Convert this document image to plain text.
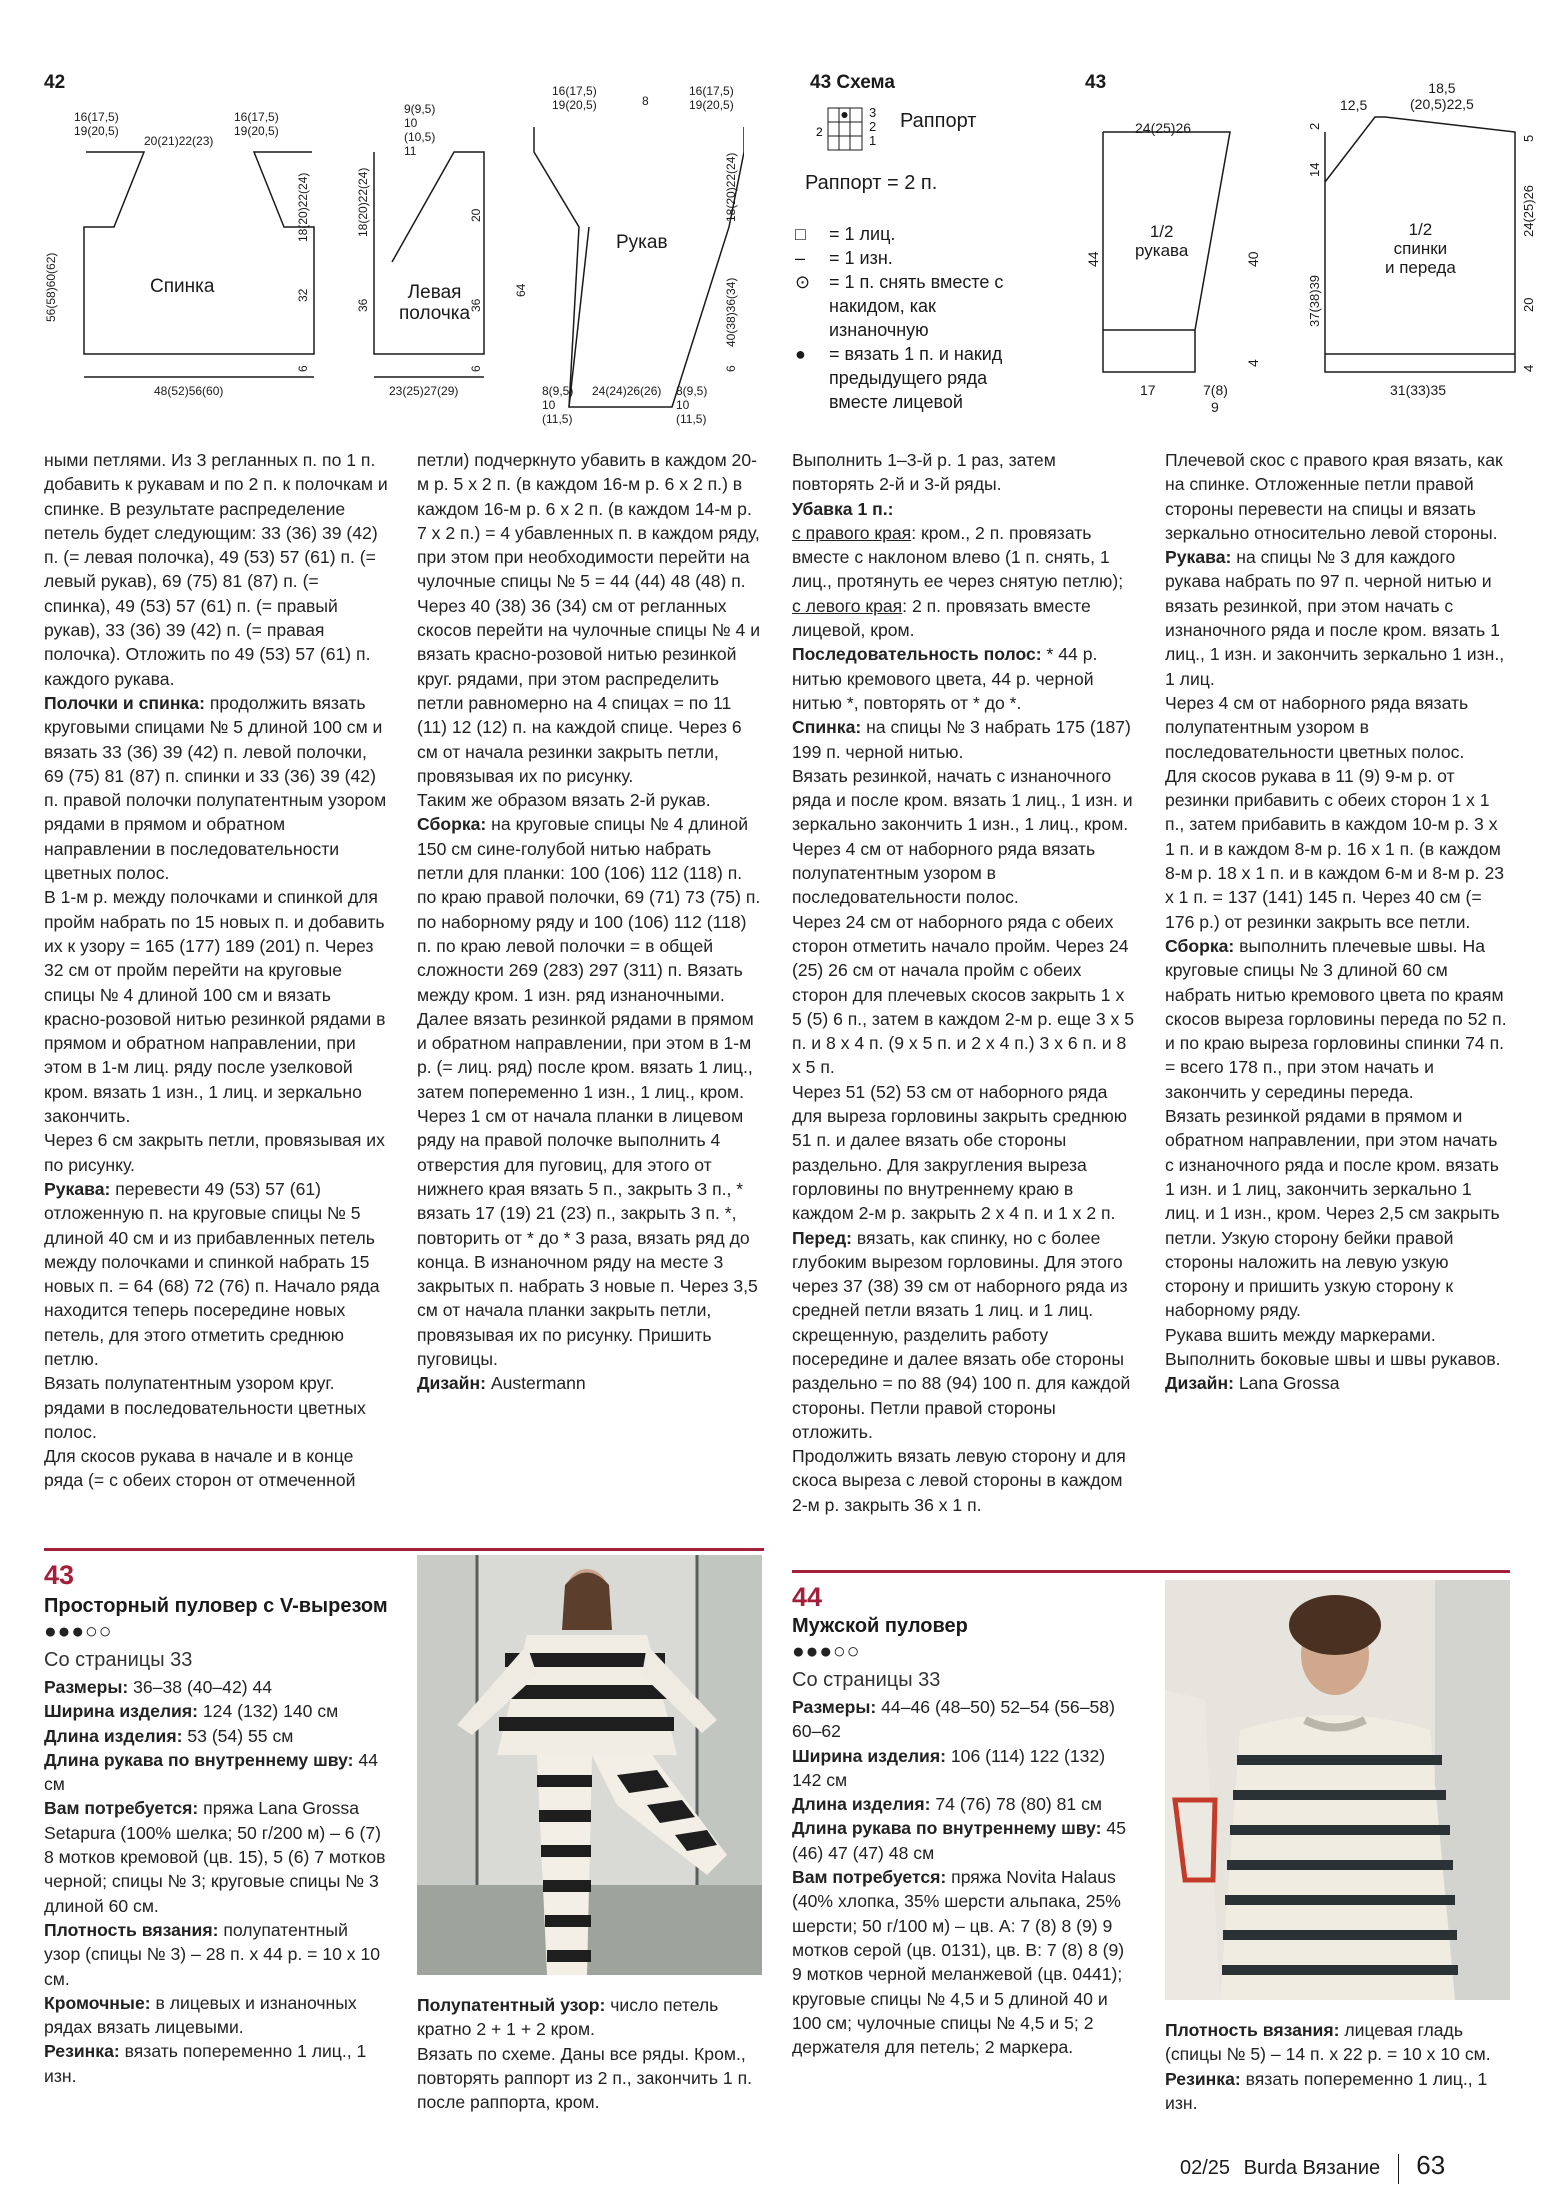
42
Спинка
16(17,5)
19(20,5)
20(21)22(23)
16(17,5)
19(20,5)
56(58)60(62)
18(20)22(24)
32
6
48(52)56(60)
Левая
полочка
9(9,5)
10
(10,5)
11
18(20)22(24)
36
20
36
6
23(25)27(29)
Рукав
16(17,5)
19(20,5)	8
16(17,5)
19(20,5)
64
18(20)22(24)
40(38)36(34)
6
8(9,5)
10
(11,5)
24(24)26(26) 8(9,5)
10
(11,5)
43 Схема
2
3
2
1
Раппорт
Раппорт = 2 п.
□	= 1 лиц.
–	= 1 изн.
⊙	= 1 п. снять вместе с накидом, как изнаночную
●	= вязать 1 п. и накид предыдущего ряда вместе лицевой
43
24(25)26
1/2
рукава
44	40
4
17	7(8)
9
18,5
(20,5)22,5
12,5
1/2
спинки
и переда
2
14
37(38)39
5
24(25)26
20
4
31(33)35

ными петлями. Из 3 регланных п. по 1 п. добавить к рукавам и по 2 п. к полочкам и спинке. В результате распределение петель будет следующим: 33 (36) 39 (42) п. (= левая полочка), 49 (53) 57 (61) п. (= левый рукав), 69 (75) 81 (87) п. (= спинка), 49 (53) 57 (61) п. (= правый рукав), 33 (36) 39 (42) п. (= правая полочка). Отложить по 49 (53) 57 (61) п. каждого рукава.

Полочки и спинка: продолжить вязать круговыми спицами № 5 длиной 100 см и вязать 33 (36) 39 (42) п. левой полочки, 69 (75) 81 (87) п. спинки и 33 (36) 39 (42) п. правой полочки полупатентным узором рядами в прямом и обратном направлении в последовательности цветных полос.

В 1-м р. между полочками и спинкой для пройм набрать по 15 новых п. и добавить их к узору = 165 (177) 189 (201) п. Через 32 см от пройм перейти на круговые спицы № 4 длиной 100 см и вязать красно-розовой нитью резинкой рядами в прямом и обратном направлении, при этом в 1-м лиц. ряду после узелковой кром. вязать 1 изн., 1 лиц. и зеркально закончить.

Через 6 см закрыть петли, провязывая их по рисунку.

Рукава: перевести 49 (53) 57 (61) отложенную п. на круговые спицы № 5 длиной 40 см и из прибавленных петель между полочками и спинкой набрать 15 новых п. = 64 (68) 72 (76) п. Начало ряда находится теперь посередине новых петель, для этого отметить среднюю петлю.

Вязать полупатентным узором круг. рядами в последовательности цветных полос.

Для скосов рукава в начале и в конце ряда (= с обеих сторон от отмеченной

петли) подчеркнуто убавить в каждом 20-м р. 5 х 2 п. (в каждом 16-м р. 6 х 2 п.) в каждом 16-м р. 6 х 2 п. (в каждом 14-м р. 7 х 2 п.) = 4 убавленных п. в каждом ряду, при этом при необходимости перейти на чулочные спицы № 5 = 44 (44) 48 (48) п.

Через 40 (38) 36 (34) см от регланных скосов перейти на чулочные спицы № 4 и вязать красно-розовой нитью резинкой круг. рядами, при этом распределить петли равномерно на 4 спицах = по 11 (11) 12 (12) п. на каждой спице. Через 6 см от начала резинки закрыть петли, провязывая их по рисунку.

Таким же образом вязать 2-й рукав.

Сборка: на круговые спицы № 4 длиной 150 см сине-голубой нитью набрать петли для планки: 100 (106) 112 (118) п. по краю правой полочки, 69 (71) 73 (75) п. по наборному ряду и 100 (106) 112 (118) п. по краю левой полочки = в общей сложности 269 (283) 297 (311) п. Вязать между кром. 1 изн. ряд изнаночными.

Далее вязать резинкой рядами в прямом и обратном направлении, при этом в 1-м р. (= лиц. ряд) после кром. вязать 1 лиц., затем попеременно 1 изн., 1 лиц., кром. Через 1 см от начала планки в лицевом ряду на правой полочке выполнить 4 отверстия для пуговиц, для этого от нижнего края вязать 5 п., закрыть 3 п., * вязать 17 (19) 21 (23) п., закрыть 3 п. *, повторить от * до * 3 раза, вязать ряд до конца. В изнаночном ряду на месте 3 закрытых п. набрать 3 новые п. Через 3,5 см от начала планки закрыть петли, провязывая их по рисунку. Пришить пуговицы.

Дизайн: Austermann

Выполнить 1–3-й р. 1 раз, затем повторять 2-й и 3-й ряды.

Убавка 1 п.:

с правого края: кром., 2 п. провязать вместе с наклоном влево (1 п. снять, 1 лиц., протянуть ее через снятую петлю);

с левого края: 2 п. провязать вместе лицевой, кром.

Последовательность полос: * 44 р. нитью кремового цвета, 44 р. черной нитью *, повторять от * до *.

Спинка: на спицы № 3 набрать 175 (187) 199 п. черной нитью.

Вязать резинкой, начать с изнаночного ряда и после кром. вязать 1 лиц., 1 изн. и зеркально закончить 1 изн., 1 лиц., кром. Через 4 см от наборного ряда вязать полупатентным узором в последовательности полос.

Через 24 см от наборного ряда с обеих сторон отметить начало пройм. Через 24 (25) 26 см от начала пройм с обеих сторон для плечевых скосов закрыть 1 х 5 (5) 6 п., затем в каждом 2-м р. еще 3 х 5 п. и 8 х 4 п. (9 х 5 п. и 2 х 4 п.) 3 х 6 п. и 8 х 5 п.

Через 51 (52) 53 см от наборного ряда для выреза горловины закрыть среднюю 51 п. и далее вязать обе стороны раздельно. Для закругления выреза горловины по внутреннему краю в каждом 2-м р. закрыть 2 х 4 п. и 1 х 2 п.

Перед: вязать, как спинку, но с более глубоким вырезом горловины. Для этого через 37 (38) 39 см от наборного ряда из средней петли вязать 1 лиц. и 1 лиц. скрещенную, разделить работу посередине и далее вязать обе стороны раздельно = по 88 (94) 100 п. для каждой стороны. Петли правой стороны отложить.

Продолжить вязать левую сторону и для скоса выреза с левой стороны в каждом 2-м р. закрыть 36 х 1 п.

Плечевой скос с правого края вязать, как на спинке. Отложенные петли правой стороны перевести на спицы и вязать зеркально относительно левой стороны.

Рукава: на спицы № 3 для каждого рукава набрать по 97 п. черной нитью и вязать резинкой, при этом начать с изнаночного ряда и после кром. вязать 1 лиц., 1 изн. и закончить зеркально 1 изн., 1 лиц.

Через 4 см от наборного ряда вязать полупатентным узором в последовательности цветных полос.

Для скосов рукава в 11 (9) 9-м р. от резинки прибавить с обеих сторон 1 х 1 п., затем прибавить в каждом 10-м р. 3 х 1 п. и в каждом 8-м р. 16 х 1 п. (в каждом 8-м р. 18 х 1 п. и в каждом 6-м и 8-м р. 23 х 1 п. = 137 (141) 145 п. Через 40 см (= 176 р.) от резинки закрыть все петли.

Сборка: выполнить плечевые швы. На круговые спицы № 3 длиной 60 см набрать нитью кремового цвета по краям скосов выреза горловины переда по 52 п. и по краю выреза горловины спинки 74 п. = всего 178 п., при этом начать и закончить у середины переда.

Вязать резинкой рядами в прямом и обратном направлении, при этом начать с изнаночного ряда и после кром. вязать 1 изн. и 1 лиц, закончить зеркально 1 лиц. и 1 изн., кром. Через 2,5 см закрыть петли. Узкую сторону бейки правой стороны наложить на левую узкую сторону и пришить узкую сторону к наборному ряду.

Рукава вшить между маркерами. Выполнить боковые швы и швы рукавов.

Дизайн: Lana Grossa

43
Просторный пуловер с V-вырезом
●●●○○
Со страницы 33

Размеры: 36–38 (40–42) 44

Ширина изделия: 124 (132) 140 см

Длина изделия: 53 (54) 55 см

Длина рукава по внутреннему шву: 44 см

Вам потребуется: пряжа Lana Grossa Setapura (100% шелка; 50 г/200 м) – 6 (7) 8 мотков кремовой (цв. 15), 5 (6) 7 мотков черной; спицы № 3; круговые спицы № 3 длиной 60 см.

Плотность вязания: полупатентный узор (спицы № 3) – 28 п. х 44 р. = 10 х 10 см.

Кромочные: в лицевых и изнаночных рядах вязать лицевыми.

Резинка: вязать попеременно 1 лиц., 1 изн.

Полупатентный узор: число петель кратно 2 + 1 + 2 кром.

Вязать по схеме. Даны все ряды. Кром., повторять раппорт из 2 п., закончить 1 п. после раппорта, кром.

44
Мужской пуловер
●●●○○
Со страницы 33

Размеры: 44–46 (48–50) 52–54 (56–58) 60–62

Ширина изделия: 106 (114) 122 (132) 142 см

Длина изделия: 74 (76) 78 (80) 81 см

Длина рукава по внутреннему шву: 45 (46) 47 (47) 48 см

Вам потребуется: пряжа Novita Halaus (40% хлопка, 35% шерсти альпака, 25% шерсти; 50 г/100 м) – цв. A: 7 (8) 8 (9) 9 мотков серой (цв. 0131), цв. B: 7 (8) 8 (9) 9 мотков черной меланжевой (цв. 0441); круговые спицы № 4,5 и 5 длиной 40 и 100 см; чулочные спицы № 4,5 и 5; 2 держателя для петель; 2 маркера.

Плотность вязания: лицевая гладь (спицы № 5) – 14 п. х 22 р. = 10 х 10 см.

Резинка: вязать попеременно 1 лиц., 1 изн.

02/25 Burda Вязание 63
